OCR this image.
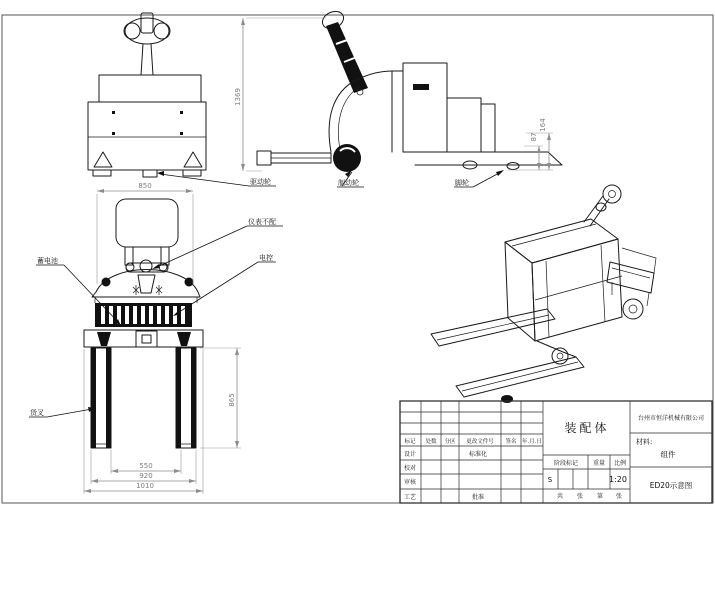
850
1369
164
87
865
550
920
1010
驱动轮	制动轮	脚轮
蓄电池
仪表不配
电控
货叉
标记 处数 分区 更改文件号 签名 年.月.日
设计
校对
审核
工艺
标准化
批准
装配体
阶段标记 重量 比例
S	1:20
共 张 第 张
台州市恒洋机械有限公司
材料:
组件
ED20示意图
